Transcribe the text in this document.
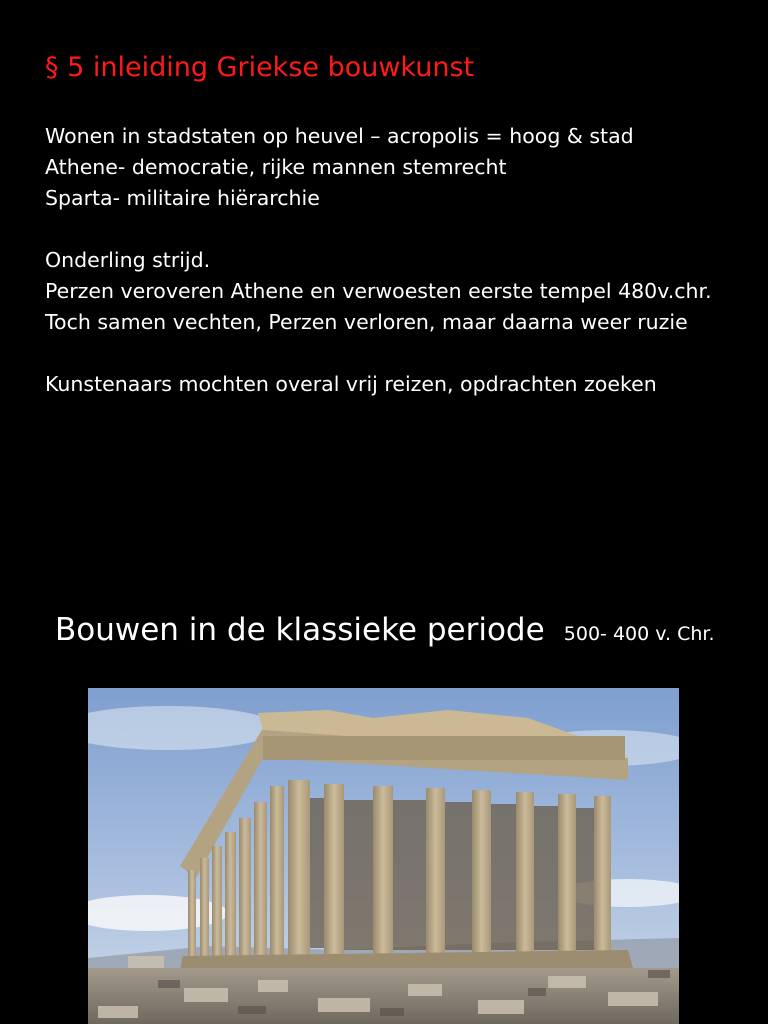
§ 5 inleiding Griekse bouwkunst
Wonen in stadstaten op heuvel – acropolis = hoog & stad
Athene- democratie, rijke mannen stemrecht
Sparta- militaire hiërarchie
Onderling strijd.
Perzen veroveren Athene en verwoesten eerste tempel 480v.chr.
Toch samen vechten, Perzen verloren, maar daarna weer ruzie
Kunstenaars mochten overal vrij reizen, opdrachten zoeken
Bouwen in de klassieke periode 500- 400 v. Chr.
